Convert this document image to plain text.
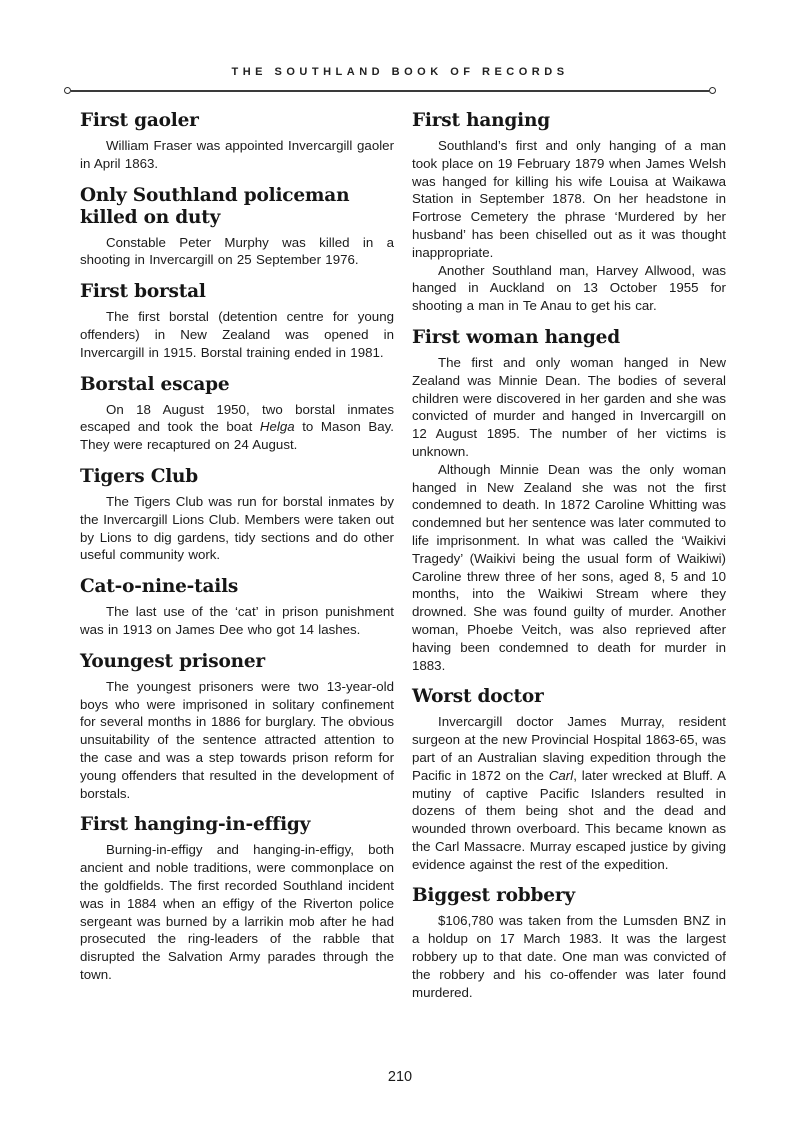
THE SOUTHLAND BOOK OF RECORDS
First gaoler

William Fraser was appointed Invercargill gaoler in April 1863.

Only Southland policeman killed on duty

Constable Peter Murphy was killed in a shooting in Invercargill on 25 September 1976.

First borstal

The first borstal (detention centre for young offenders) in New Zealand was opened in Invercargill in 1915. Borstal training ended in 1981.

Borstal escape

On 18 August 1950, two borstal inmates escaped and took the boat Helga to Mason Bay. They were recaptured on 24 August.

Tigers Club

The Tigers Club was run for borstal inmates by the Invercargill Lions Club. Members were taken out by Lions to dig gardens, tidy sections and do other useful community work.

Cat-o-nine-tails

The last use of the ‘cat’ in prison punishment was in 1913 on James Dee who got 14 lashes.

Youngest prisoner

The youngest prisoners were two 13-year-old boys who were imprisoned in solitary confinement for several months in 1886 for burglary. The obvious unsuitability of the sentence attracted attention to the case and was a step towards prison reform for young offenders that resulted in the development of borstals.

First hanging-in-effigy

Burning-in-effigy and hanging-in-effigy, both ancient and noble traditions, were commonplace on the goldfields. The first recorded Southland incident was in 1884 when an effigy of the Riverton police sergeant was burned by a larrikin mob after he had prosecuted the ring-leaders of the rabble that disrupted the Salvation Army parades through the town.

First hanging

Southland’s first and only hanging of a man took place on 19 February 1879 when James Welsh was hanged for killing his wife Louisa at Waikawa Station in September 1878. On her headstone in Fortrose Cemetery the phrase ‘Murdered by her husband’ has been chiselled out as it was thought inappropriate.

Another Southland man, Harvey Allwood, was hanged in Auckland on 13 October 1955 for shooting a man in Te Anau to get his car.

First woman hanged

The first and only woman hanged in New Zealand was Minnie Dean. The bodies of several children were discovered in her garden and she was convicted of murder and hanged in Invercargill on 12 August 1895. The number of her victims is unknown.

Although Minnie Dean was the only woman hanged in New Zealand she was not the first condemned to death. In 1872 Caroline Whitting was condemned but her sentence was later commuted to life imprisonment. In what was called the ‘Waikivi Tragedy’ (Waikivi being the usual form of Waikiwi) Caroline threw three of her sons, aged 8, 5 and 10 months, into the Waikiwi Stream where they drowned. She was found guilty of murder. Another woman, Phoebe Veitch, was also reprieved after having been condemned to death for murder in 1883.

Worst doctor

Invercargill doctor James Murray, resident surgeon at the new Provincial Hospital 1863-65, was part of an Australian slaving expedition through the Pacific in 1872 on the Carl, later wrecked at Bluff. A mutiny of captive Pacific Islanders resulted in dozens of them being shot and the dead and wounded thrown overboard. This became known as the Carl Massacre. Murray escaped justice by giving evidence against the rest of the expedition.

Biggest robbery

$106,780 was taken from the Lumsden BNZ in a holdup on 17 March 1983. It was the largest robbery up to that date. One man was convicted of the robbery and his co-offender was later found murdered.

210
